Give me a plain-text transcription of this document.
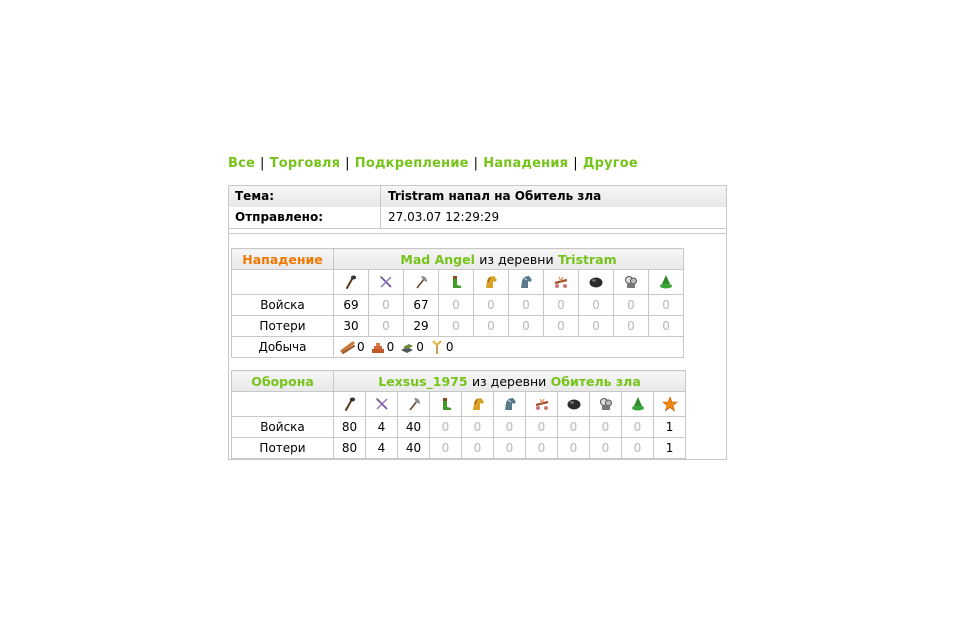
Все | Торговля | Подкрепление | Нападения | Другое
Тема:	Tristram напал на Обитель зла
Отправлено:	27.03.07 12:29:29
Нападение	Mad Angel из деревни Tristram									

Войска	69	0	67	0	0	0	0	0	0	0
Потери	30	0	29	0	0	0	0	0	0	0
Добыча	0 0 0 0									
Оборона	Lexsus_1975 из деревни Обитель зла										

Войска	80	4	40	0	0	0	0	0	0	0	1
Потери	80	4	40	0	0	0	0	0	0	0	1
